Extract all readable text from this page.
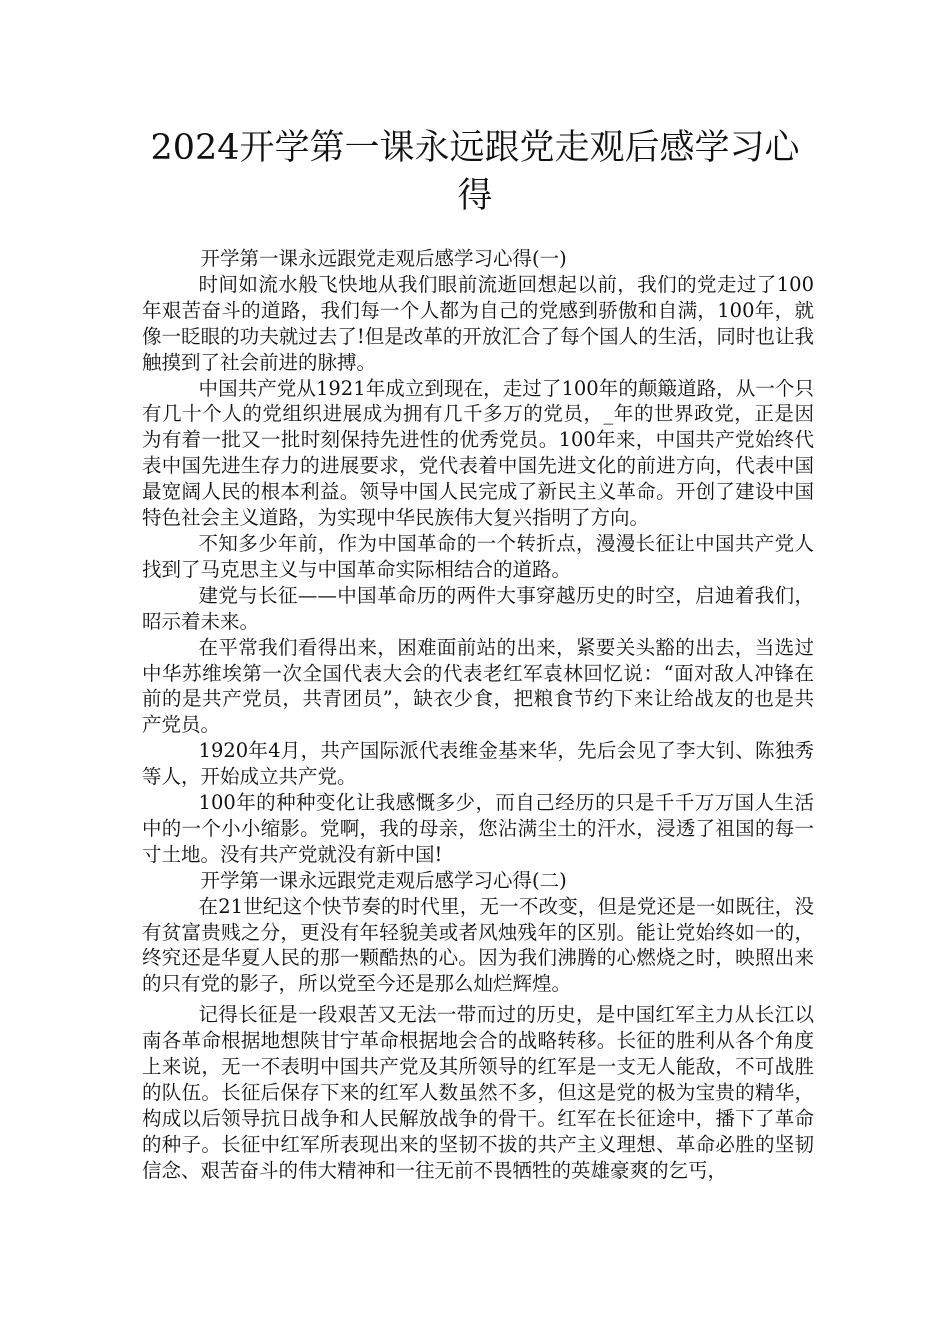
2024开学第一课永远跟党走观后感学习心
得

开学第一课永远跟党走观后感学习心得(一)

时间如流水般飞快地从我们眼前流逝回想起以前，我们的党走过了100年艰苦奋斗的道路，我们每一个人都为自己的党感到骄傲和自满，100年，就像一眨眼的功夫就过去了!但是改革的开放汇合了每个国人的生活，同时也让我触摸到了社会前进的脉搏。

中国共产党从1921年成立到现在，走过了100年的颠簸道路，从一个只有几十个人的党组织进展成为拥有几千多万的党员，_年的世界政党，正是因为有着一批又一批时刻保持先进性的优秀党员。100年来，中国共产党始终代表中国先进生存力的进展要求，党代表着中国先进文化的前进方向，代表中国最宽阔人民的根本利益。领导中国人民完成了新民主义革命。开创了建设中国特色社会主义道路，为实现中华民族伟大复兴指明了方向。

不知多少年前，作为中国革命的一个转折点，漫漫长征让中国共产党人找到了马克思主义与中国革命实际相结合的道路。

建党与长征——中国革命历的两件大事穿越历史的时空，启迪着我们，昭示着未来。

在平常我们看得出来，困难面前站的出来，紧要关头豁的出去，当选过中华苏维埃第一次全国代表大会的代表老红军袁林回忆说：“面对敌人冲锋在前的是共产党员，共青团员”，缺衣少食，把粮食节约下来让给战友的也是共产党员。

1920年4月，共产国际派代表维金基来华，先后会见了李大钊、陈独秀等人，开始成立共产党。

100年的种种变化让我感慨多少，而自己经历的只是千千万万国人生活中的一个小小缩影。党啊，我的母亲，您沾满尘土的汗水，浸透了祖国的每一寸土地。没有共产党就没有新中国!

开学第一课永远跟党走观后感学习心得(二)

在21世纪这个快节奏的时代里，无一不改变，但是党还是一如既往，没有贫富贵贱之分，更没有年轻貌美或者风烛残年的区别。能让党始终如一的，终究还是华夏人民的那一颗酷热的心。因为我们沸腾的心燃烧之时，映照出来的只有党的影子，所以党至今还是那么灿烂辉煌。

记得长征是一段艰苦又无法一带而过的历史，是中国红军主力从长江以南各革命根据地想陕甘宁革命根据地会合的战略转移。长征的胜利从各个角度上来说，无一不表明中国共产党及其所领导的红军是一支无人能敌，不可战胜的队伍。长征后保存下来的红军人数虽然不多，但这是党的极为宝贵的精华，构成以后领导抗日战争和人民解放战争的骨干。红军在长征途中，播下了革命的种子。长征中红军所表现出来的坚韧不拔的共产主义理想、革命必胜的坚韧信念、艰苦奋斗的伟大精神和一往无前不畏牺牲的英雄豪爽的乞丐，
